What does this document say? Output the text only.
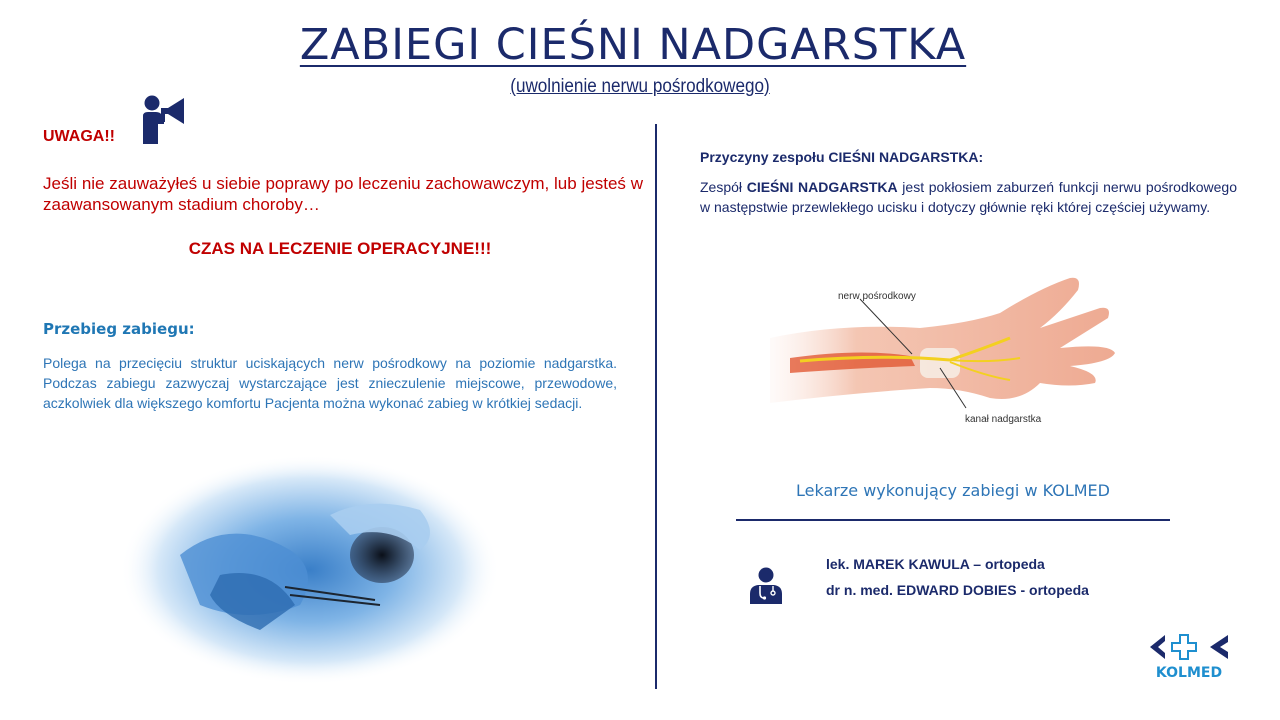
ZABIEGI CIEŚNI NADGARSTKA
(uwolnienie nerwu pośrodkowego)
UWAGA!!
Jeśli nie zauważyłeś u siebie poprawy po leczeniu zachowawczym, lub jesteś w zaawansowanym stadium choroby…
CZAS NA LECZENIE OPERACYJNE!!!
Przebieg zabiegu:
Polega na przecięciu struktur uciskających nerw pośrodkowy na poziomie nadgarstka. Podczas zabiegu zazwyczaj wystarczające jest znieczulenie miejscowe, przewodowe, aczkolwiek dla większego komfortu Pacjenta można wykonać zabieg w krótkiej sedacji.
Przyczyny zespołu CIEŚNI NADGARSTKA:
Zespół CIEŚNI NADGARSTKA jest pokłosiem zaburzeń funkcji nerwu pośrodkowego w następstwie przewlekłego ucisku i dotyczy głównie ręki której częściej używamy.
nerw pośrodkowy
kanał nadgarstka
Lekarze wykonujący zabiegi w KOLMED
lek. MAREK KAWULA – ortopeda
dr n. med. EDWARD DOBIES - ortopeda
KOLMED
